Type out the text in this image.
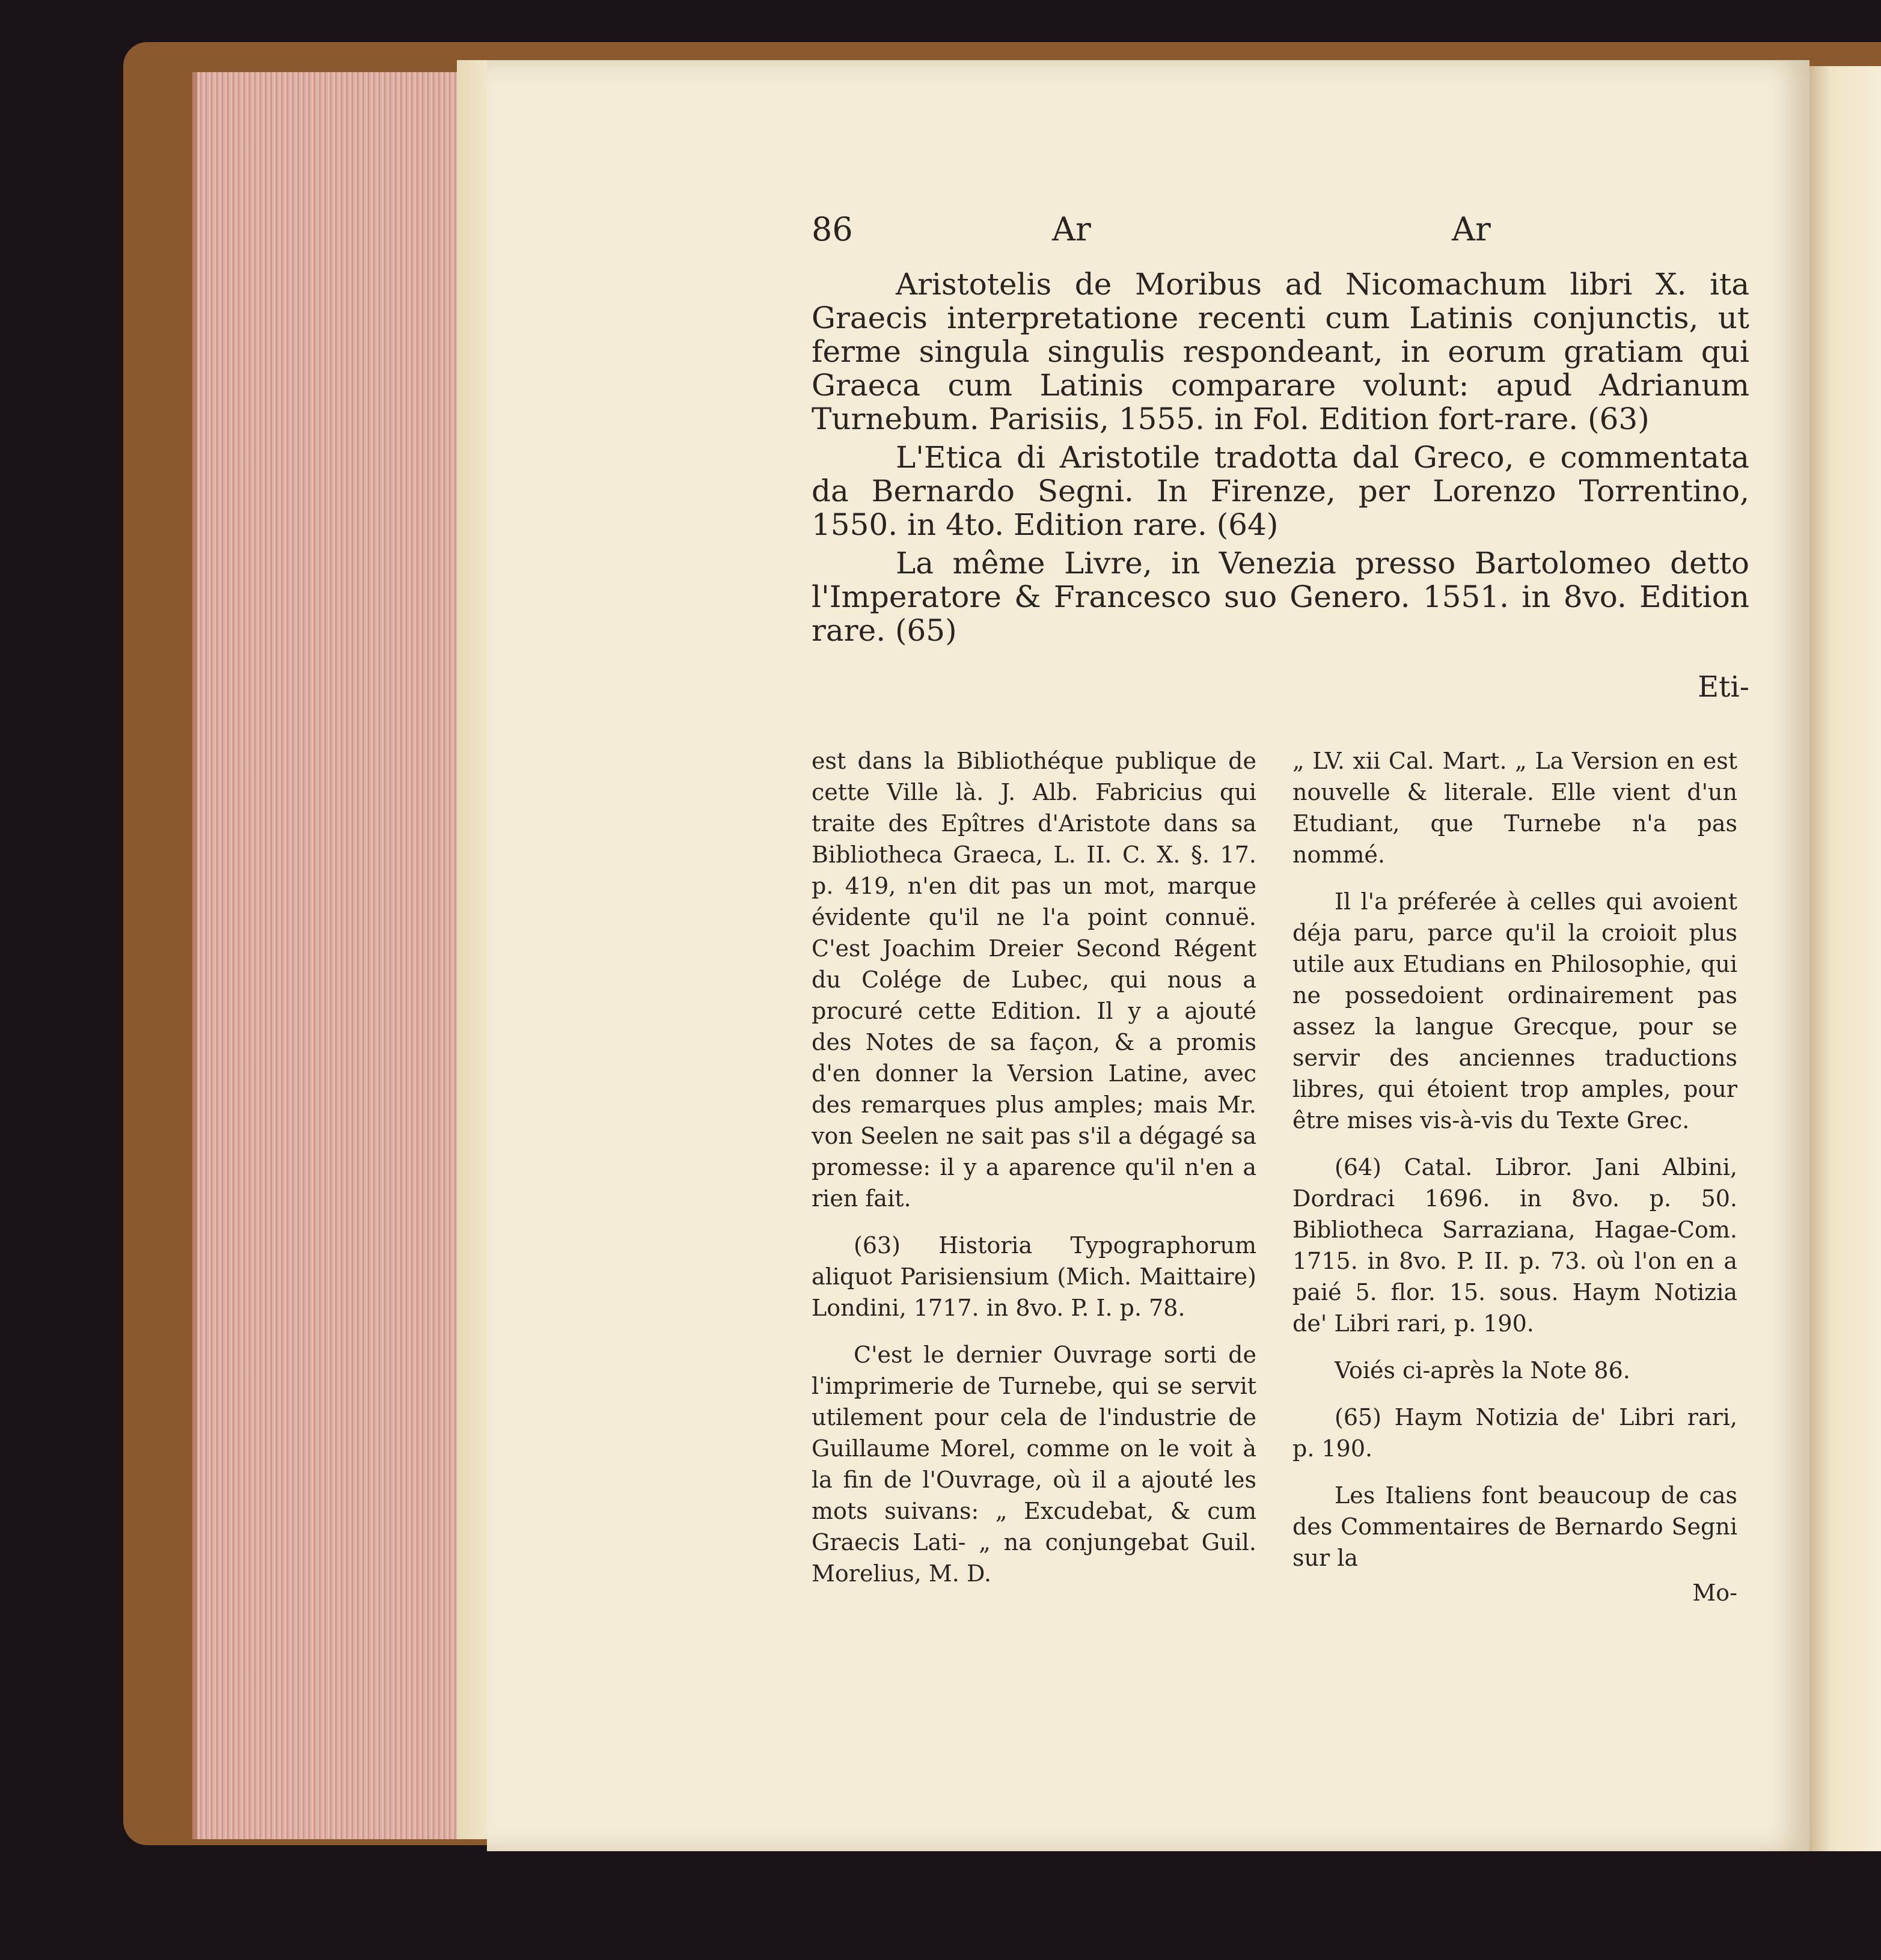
86	Ar	Ar

Aristotelis de Moribus ad Nicomachum libri X. ita Graecis interpretatione recenti cum Latinis conjunctis, ut ferme singula singulis respondeant, in eorum gratiam qui Graeca cum Latinis comparare volunt: apud Adrianum Turnebum. Parisiis, 1555. in Fol. Edition fort-rare. (63)

L'Etica di Aristotile tradotta dal Greco, e commentata da Bernardo Segni. In Firenze, per Lorenzo Torrentino, 1550. in 4to. Edition rare. (64)

La même Livre, in Venezia presso Bartolomeo detto l'Imperatore & Francesco suo Genero. 1551. in 8vo. Edition rare. (65)

Eti-

est dans la Bibliothéque publique de cette Ville là. J. Alb. Fabricius qui traite des Epîtres d'Aristote dans sa Bibliotheca Graeca, L. II. C. X. §. 17. p. 419, n'en dit pas un mot, marque évidente qu'il ne l'a point connuë. C'est Joachim Dreier Second Régent du Colége de Lubec, qui nous a procuré cette Edition. Il y a ajouté des Notes de sa façon, & a promis d'en donner la Version Latine, avec des remarques plus amples; mais Mr. von Seelen ne sait pas s'il a dégagé sa promesse: il y a aparence qu'il n'en a rien fait.

(63) Historia Typographorum aliquot Parisiensium (Mich. Maittaire) Londini, 1717. in 8vo. P. I. p. 78.

C'est le dernier Ouvrage sorti de l'imprimerie de Turnebe, qui se servit utilement pour cela de l'industrie de Guillaume Morel, comme on le voit à la fin de l'Ouvrage, où il a ajouté les mots suivans: „ Excudebat, & cum Graecis Lati- „ na conjungebat Guil. Morelius, M. D.

„ LV. xii Cal. Mart. „ La Version en est nouvelle & literale. Elle vient d'un Etudiant, que Turnebe n'a pas nommé.

Il l'a préferée à celles qui avoient déja paru, parce qu'il la croioit plus utile aux Etudians en Philosophie, qui ne possedoient ordinairement pas assez la langue Grecque, pour se servir des anciennes traductions libres, qui étoient trop amples, pour être mises vis-à-vis du Texte Grec.

(64) Catal. Libror. Jani Albini, Dordraci 1696. in 8vo. p. 50. Bibliotheca Sarraziana, Hagae-Com. 1715. in 8vo. P. II. p. 73. où l'on en a paié 5. flor. 15. sous. Haym Notizia de' Libri rari, p. 190.

Voiés ci-après la Note 86.

(65) Haym Notizia de' Libri rari, p. 190.

Les Italiens font beaucoup de cas des Commentaires de Bernardo Segni sur la

Mo-
